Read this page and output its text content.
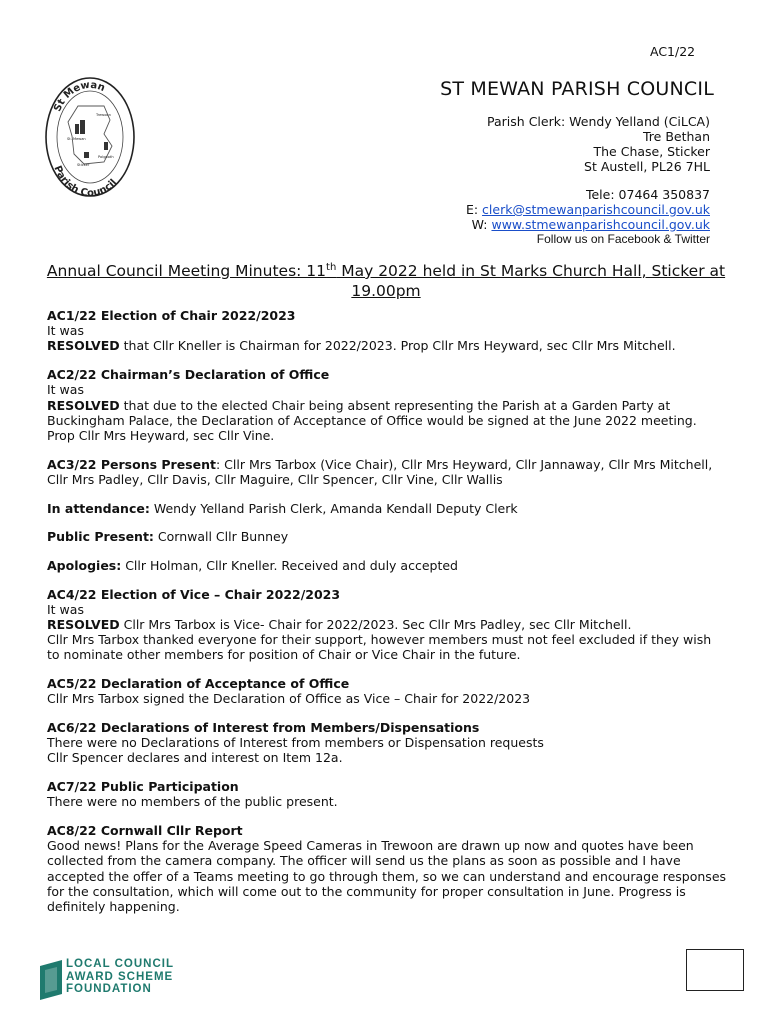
AC1/22
St Mewan
Parish Council
Trewoon
St. Mewan
Polgooth
Sticker
ST MEWAN PARISH COUNCIL
Parish Clerk: Wendy Yelland (CiLCA)
Tre Bethan
The Chase, Sticker
St Austell, PL26 7HL
Tele: 07464 350837
E: clerk@stmewanparishcouncil.gov.uk
W: www.stmewanparishcouncil.gov.uk
Follow us on Facebook & Twitter
Annual Council Meeting Minutes: 11th May 2022 held in St Marks Church Hall, Sticker at 19.00pm
AC1/22 Election of Chair 2022/2023
It was
RESOLVED that Cllr Kneller is Chairman for 2022/2023. Prop Cllr Mrs Heyward, sec Cllr Mrs Mitchell.
AC2/22 Chairman’s Declaration of Office
It was
RESOLVED that due to the elected Chair being absent representing the Parish at a Garden Party at Buckingham Palace, the Declaration of Acceptance of Office would be signed at the June 2022 meeting. Prop Cllr Mrs Heyward, sec Cllr Vine.
AC3/22 Persons Present: Cllr Mrs Tarbox (Vice Chair), Cllr Mrs Heyward, Cllr Jannaway, Cllr Mrs Mitchell, Cllr Mrs Padley, Cllr Davis, Cllr Maguire, Cllr Spencer, Cllr Vine, Cllr Wallis
In attendance: Wendy Yelland Parish Clerk, Amanda Kendall Deputy Clerk
Public Present: Cornwall Cllr Bunney
Apologies: Cllr Holman, Cllr Kneller. Received and duly accepted
AC4/22 Election of Vice – Chair 2022/2023
It was
RESOLVED Cllr Mrs Tarbox is Vice- Chair for 2022/2023. Sec Cllr Mrs Padley, sec Cllr Mitchell.
Cllr Mrs Tarbox thanked everyone for their support, however members must not feel excluded if they wish to nominate other members for position of Chair or Vice Chair in the future.
AC5/22 Declaration of Acceptance of Office
Cllr Mrs Tarbox signed the Declaration of Office as Vice – Chair for 2022/2023
AC6/22 Declarations of Interest from Members/Dispensations
There were no Declarations of Interest from members or Dispensation requests
Cllr Spencer declares and interest on Item 12a.
AC7/22 Public Participation
There were no members of the public present.
AC8/22 Cornwall Cllr Report
Good news! Plans for the Average Speed Cameras in Trewoon are drawn up now and quotes have been collected from the camera company. The officer will send us the plans as soon as possible and I have accepted the offer of a Teams meeting to go through them, so we can understand and encourage responses for the consultation, which will come out to the community for proper consultation in June. Progress is definitely happening.
LOCAL COUNCIL
AWARD SCHEME
FOUNDATION
